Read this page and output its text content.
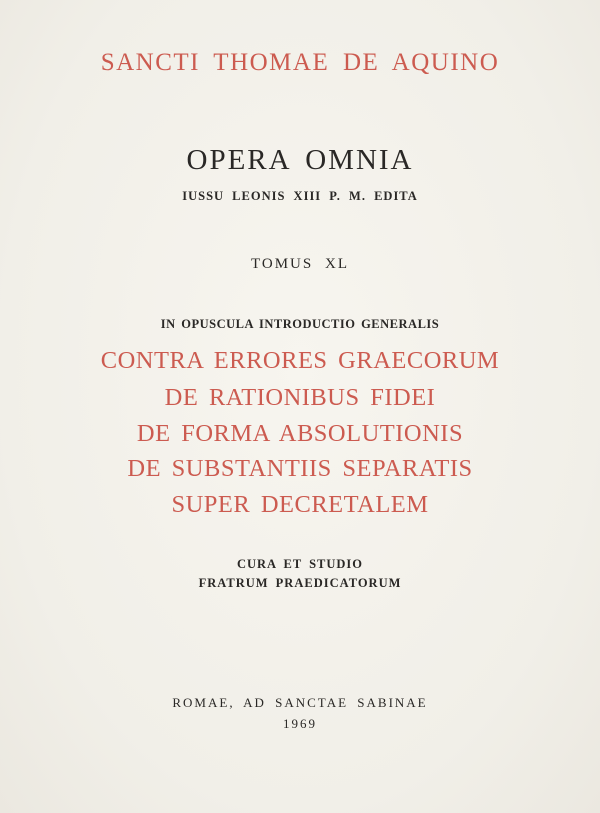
SANCTI THOMAE DE AQUINO
OPERA OMNIA
IUSSU LEONIS XIII P. M. EDITA
TOMUS XL
IN OPUSCULA INTRODUCTIO GENERALIS
CONTRA ERRORES GRAECORUM
DE RATIONIBUS FIDEI
DE FORMA ABSOLUTIONIS
DE SUBSTANTIIS SEPARATIS
SUPER DECRETALEM
CURA ET STUDIO
FRATRUM PRAEDICATORUM
ROMAE, AD SANCTAE SABINAE
1969
